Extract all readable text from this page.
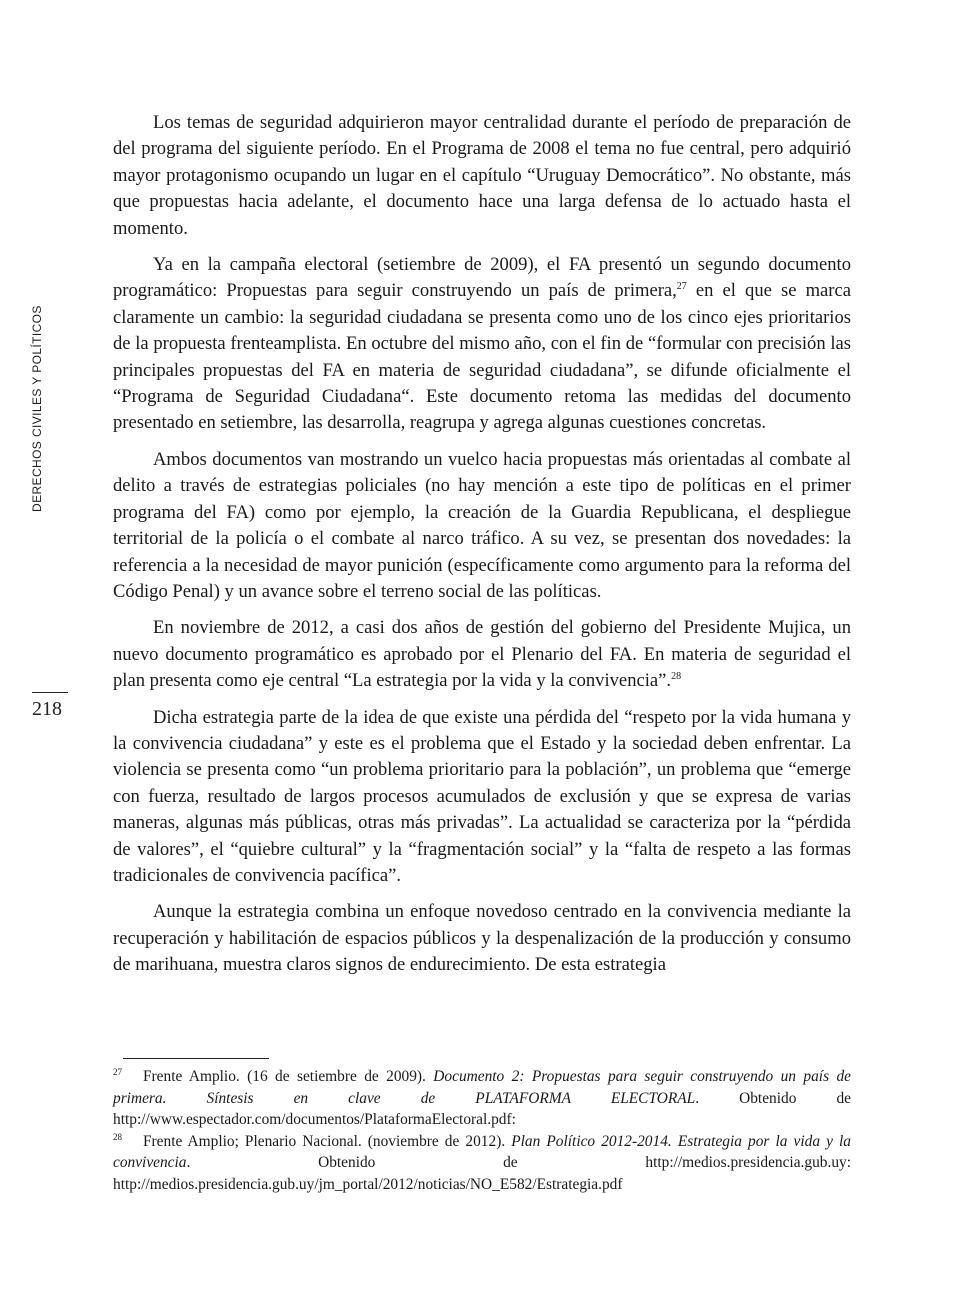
DERECHOS CIVILES Y POLÍTICOS
218

Los temas de seguridad adquirieron mayor centralidad durante el período de preparación de del programa del siguiente período. En el Programa de 2008 el tema no fue central, pero adquirió mayor protagonismo ocupando un lugar en el capítulo “Uruguay Democrático”. No obstante, más que propuestas hacia adelante, el documento hace una larga defensa de lo actuado hasta el momento.

Ya en la campaña electoral (setiembre de 2009), el FA presentó un segundo documento programático: Propuestas para seguir construyendo un país de primera,$^{27}$ en el que se marca claramente un cambio: la seguridad ciudadana se presenta como uno de los cinco ejes prioritarios de la propuesta frenteamplista. En octubre del mismo año, con el fin de “formular con precisión las principales propuestas del FA en materia de seguridad ciudadana”, se difunde oficialmente el “Programa de Seguridad Ciudadana“. Este documento retoma las medidas del documento presentado en setiembre, las desarrolla, reagrupa y agrega algunas cuestiones concretas.

Ambos documentos van mostrando un vuelco hacia propuestas más orientadas al combate al delito a través de estrategias policiales (no hay mención a este tipo de políticas en el primer programa del FA) como por ejemplo, la creación de la Guardia Republicana, el despliegue territorial de la policía o el combate al narco tráfico. A su vez, se presentan dos novedades: la referencia a la necesidad de mayor punición (específicamente como argumento para la reforma del Código Penal) y un avance sobre el terreno social de las políticas.

En noviembre de 2012, a casi dos años de gestión del gobierno del Presidente Mujica, un nuevo documento programático es aprobado por el Plenario del FA. En materia de seguridad el plan presenta como eje central “La estrategia por la vida y la convivencia”.$^{28}$

Dicha estrategia parte de la idea de que existe una pérdida del “respeto por la vida humana y la convivencia ciudadana” y este es el problema que el Estado y la sociedad deben enfrentar. La violencia se presenta como “un problema prioritario para la población”, un problema que “emerge con fuerza, resultado de largos procesos acumulados de exclusión y que se expresa de varias maneras, algunas más públicas, otras más privadas”. La actualidad se caracteriza por la “pérdida de valores”, el “quiebre cultural” y la “fragmentación social” y la “falta de respeto a las formas tradicionales de convivencia pacífica”.

Aunque la estrategia combina un enfoque novedoso centrado en la convivencia mediante la recuperación y habilitación de espacios públicos y la despenalización de la producción y consumo de marihuana, muestra claros signos de endurecimiento. De esta estrategia

27 Frente Amplio. (16 de setiembre de 2009). Documento 2: Propuestas para seguir construyendo un país de primera. Síntesis en clave de PLATAFORMA ELECTORAL. Obtenido de http://www.espectador.com/documentos/PlataformaElectoral.pdf:

28 Frente Amplio; Plenario Nacional. (noviembre de 2012). Plan Político 2012-2014. Estrategia por la vida y la convivencia. Obtenido de http://medios.presidencia.gub.uy: http://medios.presidencia.gub.uy/jm_portal/2012/noticias/NO_E582/Estrategia.pdf
